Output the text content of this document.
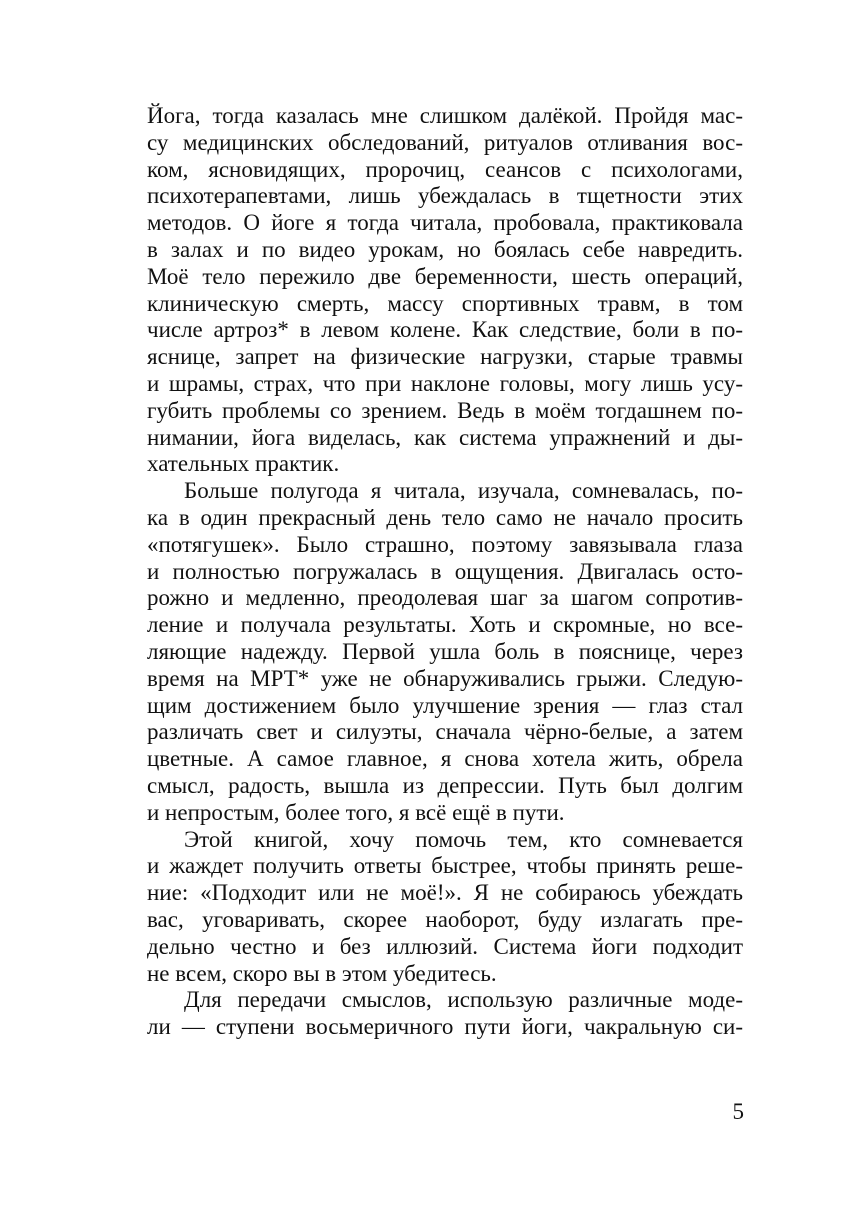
Йога, тогда казалась мне слишком далёкой. Пройдя мас-
су медицинских обследований, ритуалов отливания вос-
ком, ясновидящих, пророчиц, сеансов с психологами,
психотерапевтами, лишь убеждалась в тщетности этих
методов. О йоге я тогда читала, пробовала, практиковала
в залах и по видео урокам, но боялась себе навредить.
Моё тело пережило две беременности, шесть операций,
клиническую смерть, массу спортивных травм, в том
числе артроз* в левом колене. Как следствие, боли в по-
яснице, запрет на физические нагрузки, старые травмы
и шрамы, страх, что при наклоне головы, могу лишь усу-
губить проблемы со зрением. Ведь в моём тогдашнем по-
нимании, йога виделась, как система упражнений и ды-
хательных практик.
Больше полугода я читала, изучала, сомневалась, по-
ка в один прекрасный день тело само не начало просить
«потягушек». Было страшно, поэтому завязывала глаза
и полностью погружалась в ощущения. Двигалась осто-
рожно и медленно, преодолевая шаг за шагом сопротив-
ление и получала результаты. Хоть и скромные, но все-
ляющие надежду. Первой ушла боль в пояснице, через
время на МРТ* уже не обнаруживались грыжи. Следую-
щим достижением было улучшение зрения — глаз стал
различать свет и силуэты, сначала чёрно-белые, а затем
цветные. А самое главное, я снова хотела жить, обрела
смысл, радость, вышла из депрессии. Путь был долгим
и непростым, более того, я всё ещё в пути.
Этой книгой, хочу помочь тем, кто сомневается
и жаждет получить ответы быстрее, чтобы принять реше-
ние: «Подходит или не моё!». Я не собираюсь убеждать
вас, уговаривать, скорее наоборот, буду излагать пре-
дельно честно и без иллюзий. Система йоги подходит
не всем, скоро вы в этом убедитесь.
Для передачи смыслов, использую различные моде-
ли — ступени восьмеричного пути йоги, чакральную си-
5
